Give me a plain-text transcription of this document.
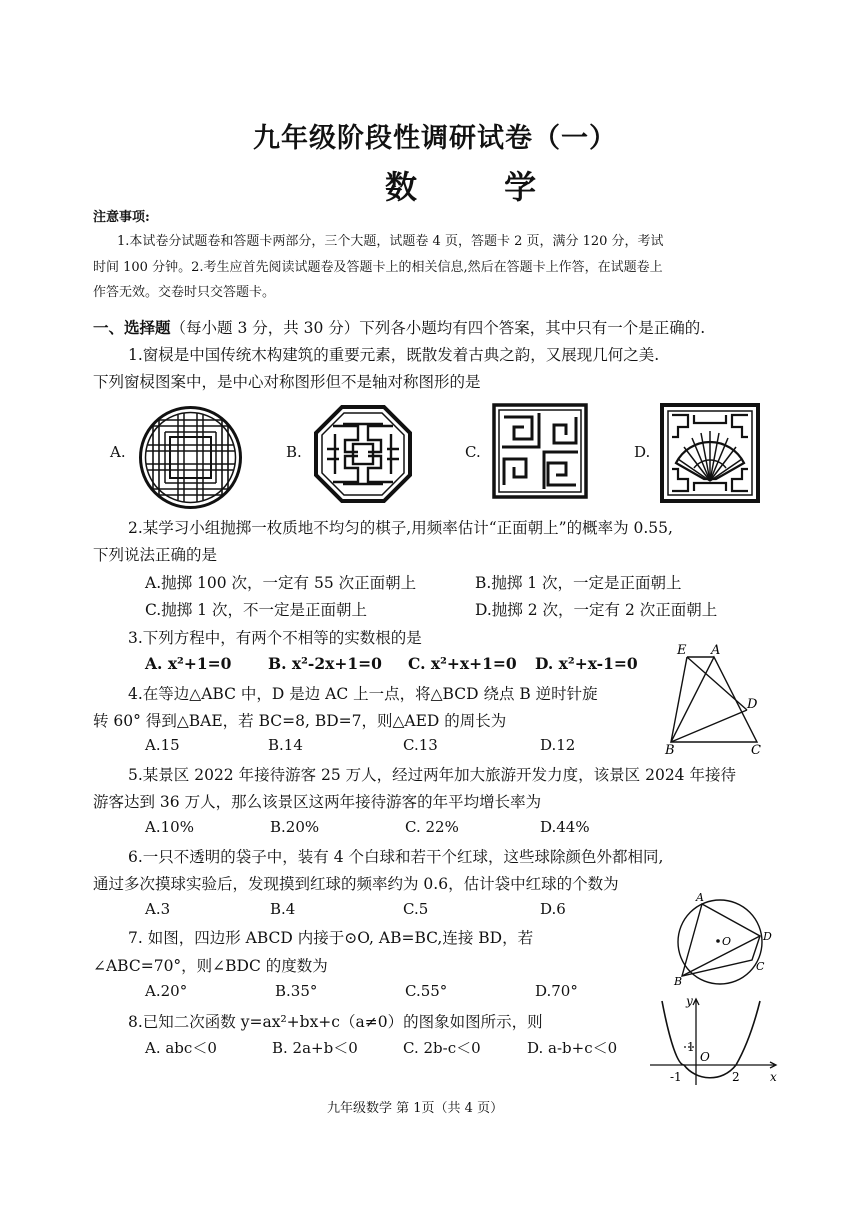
九年级阶段性调研试卷（一）
数 学
注意事项:
1.本试卷分试题卷和答题卡两部分，三个大题，试题卷 4 页，答题卡 2 页，满分 120 分，考试
时间 100 分钟。2.考生应首先阅读试题卷及答题卡上的相关信息,然后在答题卡上作答，在试题卷上
作答无效。交卷时只交答题卡。
一、选择题（每小题 3 分，共 30 分）下列各小题均有四个答案，其中只有一个是正确的.
1.窗棂是中国传统木构建筑的重要元素，既散发着古典之韵，又展现几何之美.
下列窗棂图案中，是中心对称图形但不是轴对称图形的是
A.	B.	C.	D.
2.某学习小组抛掷一枚质地不均匀的棋子,用频率估计“正面朝上”的概率为 0.55,
下列说法正确的是
A.抛掷 100 次，一定有 55 次正面朝上	B.抛掷 1 次，一定是正面朝上
C.抛掷 1 次，不一定是正面朝上	D.抛掷 2 次，一定有 2 次正面朝上
3.下列方程中，有两个不相等的实数根的是
A. x²+1=0 B. x²-2x+1=0 C. x²+x+1=0 D. x²+x-1=0
E A
D
B	C
4.在等边△ABC 中，D 是边 AC 上一点，将△BCD 绕点 B 逆时针旋
转 60° 得到△BAE，若 BC=8, BD=7，则△AED 的周长为
A.15	B.14	C.13	D.12
5.某景区 2022 年接待游客 25 万人，经过两年加大旅游开发力度，该景区 2024 年接待
游客达到 36 万人，那么该景区这两年接待游客的年平均增长率为
A.10%	B.20%	C. 22%	D.44%
6.一只不透明的袋子中，装有 4 个白球和若干个红球，这些球除颜色外都相同,
通过多次摸球实验后，发现摸到红球的频率约为 0.6，估计袋中红球的个数为
A.3	B.4	C.5	D.6
A
O	D
C
B
7. 如图，四边形 ABCD 内接于⊙O, AB=BC,连接 BD，若
∠ABC=70°，则∠BDC 的度数为
A.20°	B.35°	C.55°	D.70°
8.已知二次函数 y=ax²+bx+c（a≠0）的图象如图所示，则
A. abc＜0	B. 2a+b＜0	C. 2b-c＜0	D. a-b+c＜0
y
1
O
-1	2	x
九年级数学 第 1页（共 4 页）
